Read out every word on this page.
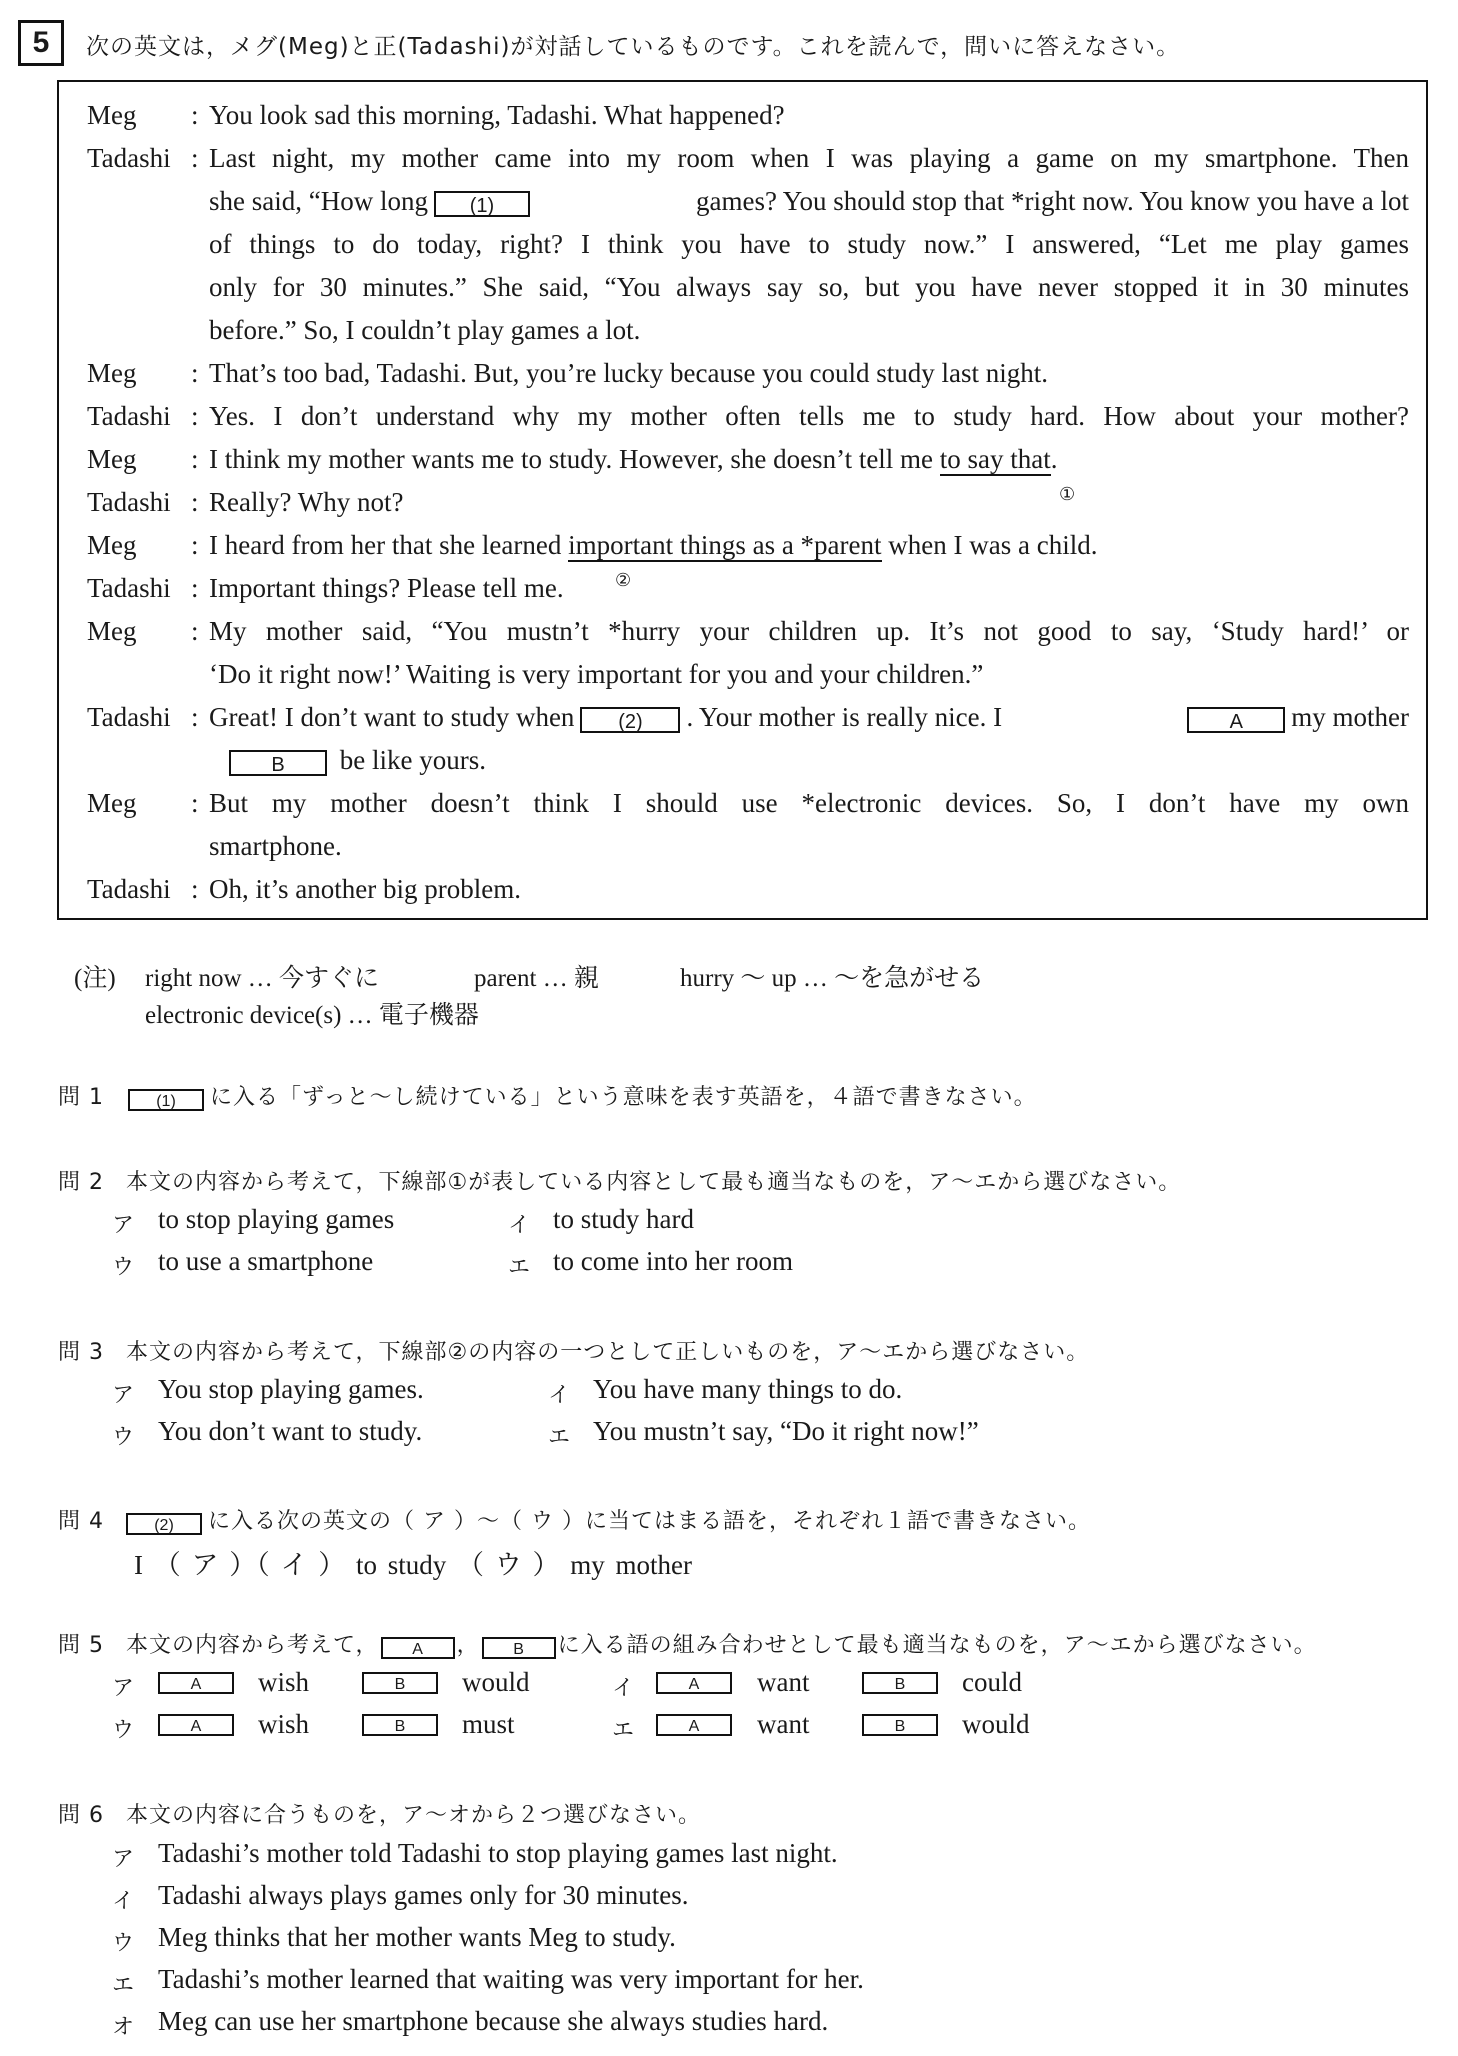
5	次の英文は，メグ(Meg)と正(Tadashi)が対話しているものです。これを読んで，問いに答えなさい。
Meg : You look sad this morning, Tadashi. What happened?
Tadashi : Last night, my mother came into my room when I was playing a game on my smartphone. Then
she said, “How long (1)	games? You should stop that *right now. You know you have a lot
of things to do today, right? I think you have to study now.” I answered, “Let me play games
only for 30 minutes.” She said, “You always say so, but you have never stopped it in 30 minutes
before.” So, I couldn’t play games a lot.
Meg : That’s too bad, Tadashi. But, you’re lucky because you could study last night.
Tadashi : Yes. I don’t understand why my mother often tells me to study hard. How about your mother?
Meg : I think my mother wants me to study. However, she doesn’t tell me to say that.
①
Tadashi : Really? Why not?
Meg : I heard from her that she learned important things as a *parent when I was a child.
②
Tadashi : Important things? Please tell me.
Meg : My mother said, “You mustn’t *hurry your children up. It’s not good to say, ‘Study hard!’ or
‘Do it right now!’ Waiting is very important for you and your children.”
Tadashi : Great! I don’t want to study when (2) . Your mother is really nice. I	A my mother
B be like yours.
Meg : But my mother doesn’t think I should use *electronic devices. So, I don’t have my own
smartphone.
Tadashi : Oh, it’s another big problem.
(注) right now … 今すぐに	parent … 親	hurry ～ up … ～を急がせる
electronic device(s) … 電子機器
問 1	(1) に入る「ずっと～し続けている」という意味を表す英語を，４語で書きなさい。
問 2 本文の内容から考えて，下線部①が表している内容として最も適当なものを，ア～エから選びなさい。
ア to stop playing games	イ to study hard
ウ to use a smartphone	エ to come into her room
問 3 本文の内容から考えて，下線部②の内容の一つとして正しいものを，ア～エから選びなさい。
ア You stop playing games.	イ You have many things to do.
ウ You don’t want to study.	エ You mustn’t say, “Do it right now!”
問 4	(2) に入る次の英文の（ ア ）～（ ウ ）に当てはまる語を，それぞれ１語で書きなさい。
I （ ア ）（ イ ） to study （ ウ ） my mother
問 5 本文の内容から考えて， A ， B に入る語の組み合わせとして最も適当なものを，ア～エから選びなさい。
ア	A	wish	B	would	イ	A	want	B	could
ウ	A	wish	B	must	エ	A	want	B	would
問 6 本文の内容に合うものを，ア～オから２つ選びなさい。
ア Tadashi’s mother told Tadashi to stop playing games last night.
イ Tadashi always plays games only for 30 minutes.
ウ Meg thinks that her mother wants Meg to study.
エ Tadashi’s mother learned that waiting was very important for her.
オ Meg can use her smartphone because she always studies hard.
